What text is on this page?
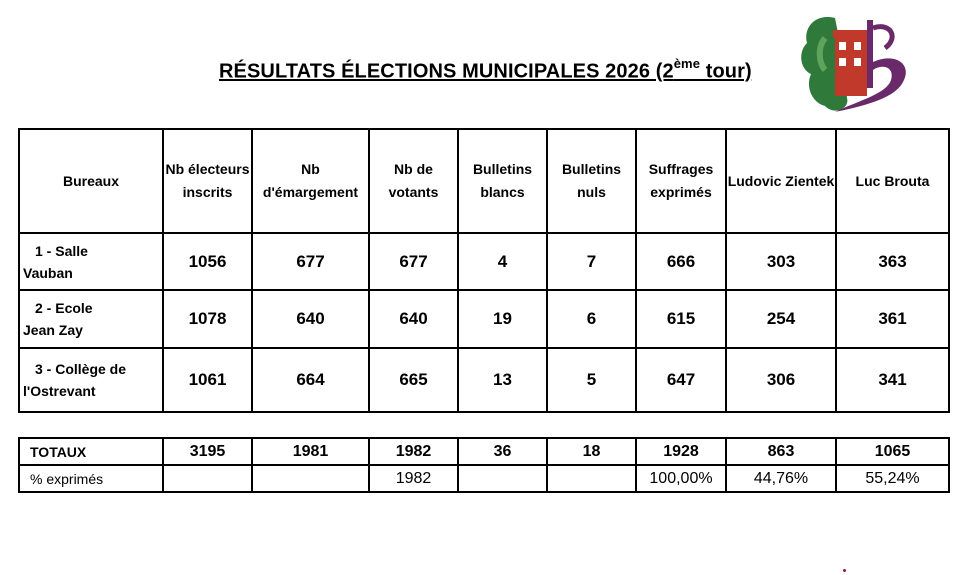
RÉSULTATS ÉLECTIONS MUNICIPALES 2026 (2ème tour)
Bureaux	Nb électeurs inscrits	Nb d'émargement	Nb de votants	Bulletins blancs	Bulletins nuls	Suffrages exprimés	Ludovic Zientek	Luc Brouta
1 - Salle
Vauban	1056	677	677	4	7	666	303	363
2 - Ecole
Jean Zay	1078	640	640	19	6	615	254	361
3 - Collège de
l'Ostrevant	1061	664	665	13	5	647	306	341
TOTAUX	3195	1981	1982	36	18	1928	863	1065
% exprimés			1982			100,00%	44,76%	55,24%
